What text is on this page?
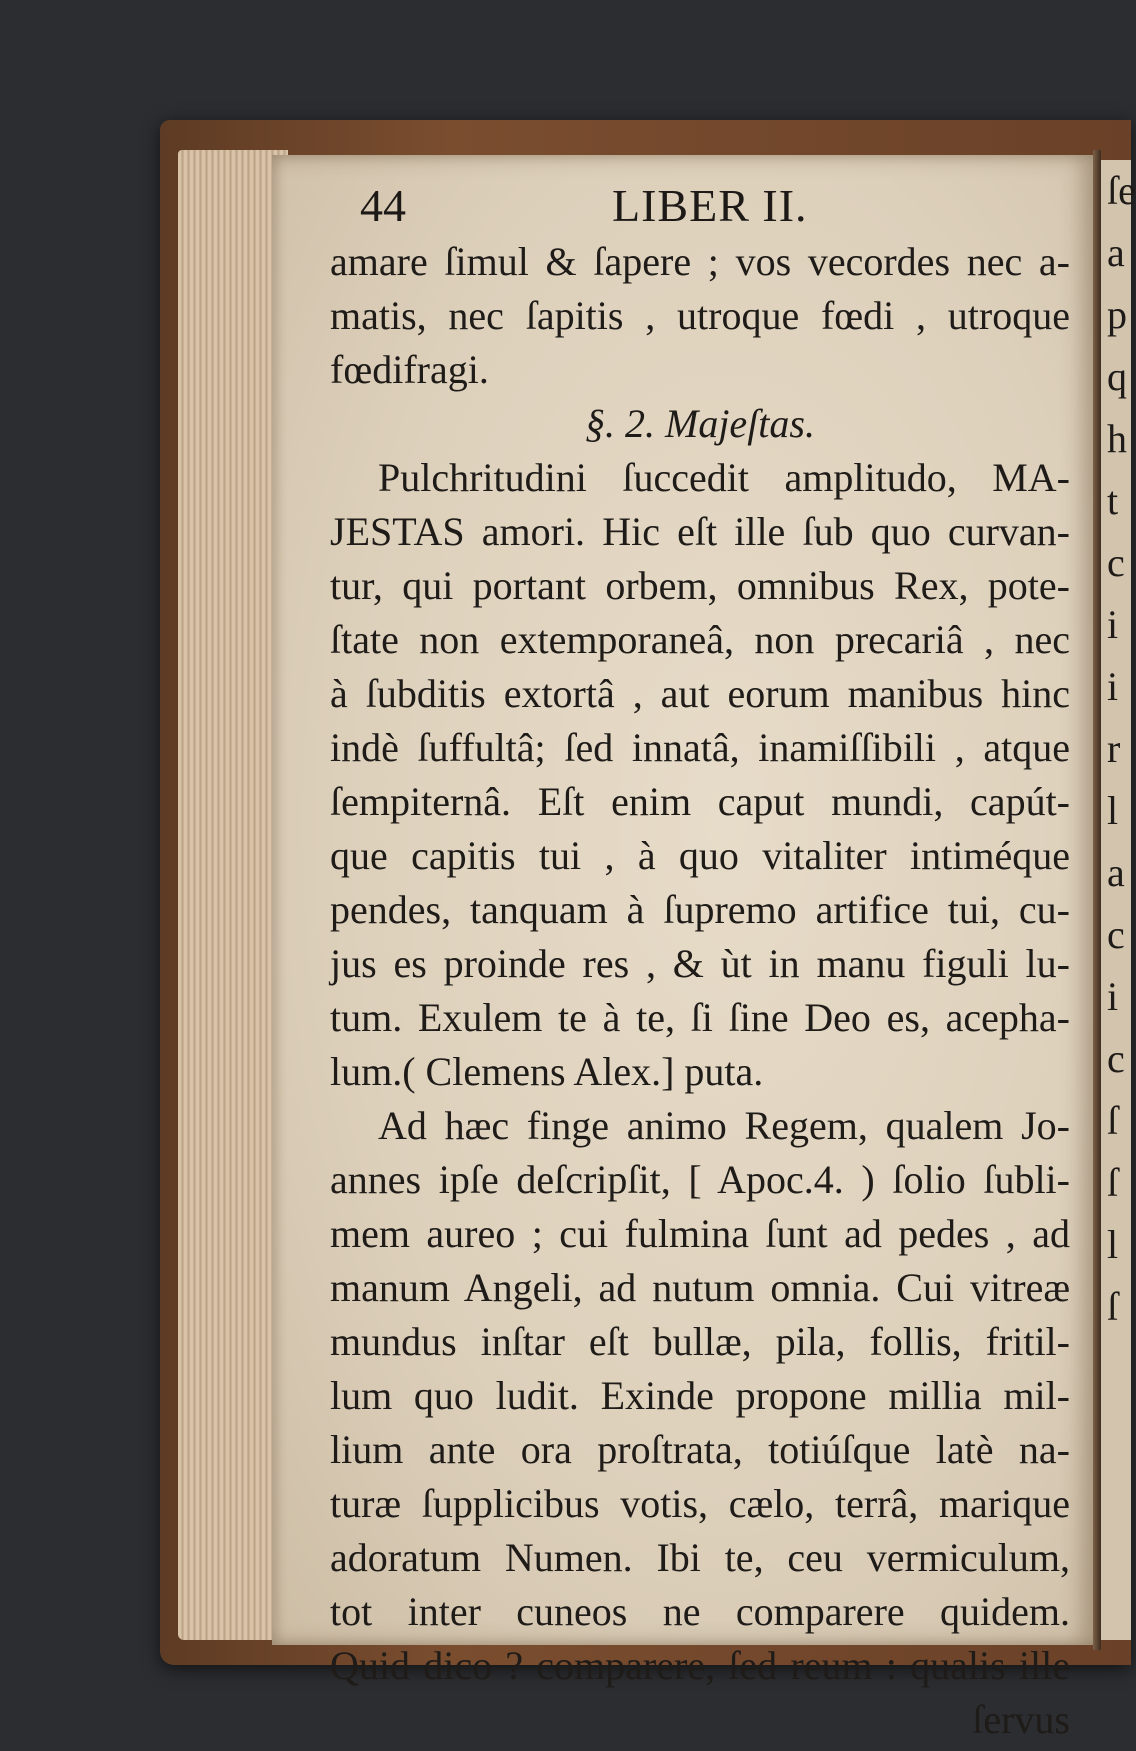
44	LIBER II.
amare ſimul & ſapere ; vos vecordes nec a-
matis, nec ſapitis , utroque fœdi , utroque
fœdifragi.
§. 2. Majeſtas.
Pulchritudini ſuccedit amplitudo, MA-
JESTAS amori. Hic eſt ille ſub quo curvan-
tur, qui portant orbem, omnibus Rex, pote-
ſtate non extemporaneâ, non precariâ , nec
à ſubditis extortâ , aut eorum manibus hinc
indè ſuffultâ; ſed innatâ, inamiſſibili , atque
ſempiternâ. Eſt enim caput mundi, capút-
que capitis tui , à quo vitaliter intiméque
pendes, tanquam à ſupremo artifice tui, cu-
jus es proinde res , & ùt in manu figuli lu-
tum. Exulem te à te, ſi ſine Deo es, acepha-
lum.( Clemens Alex.] puta.
Ad hæc finge animo Regem, qualem Jo-
annes ipſe deſcripſit, [ Apoc.4. ) ſolio ſubli-
mem aureo ; cui fulmina ſunt ad pedes , ad
manum Angeli, ad nutum omnia. Cui vitreæ
mundus inſtar eſt bullæ, pila, follis, fritil-
lum quo ludit. Exinde propone millia mil-
lium ante ora proſtrata, totiúſque latè na-
turæ ſupplicibus votis, cælo, terrâ, marique
adoratum Numen. Ibi te, ceu vermiculum,
tot inter cuneos ne comparere quidem.
Quid dico ? comparere, ſed reum : qualis ille
ſervus
ſe
a
p
q
h
t
c
i
i
r
l
a
c
i
c
ſ
ſ
l
ſ
